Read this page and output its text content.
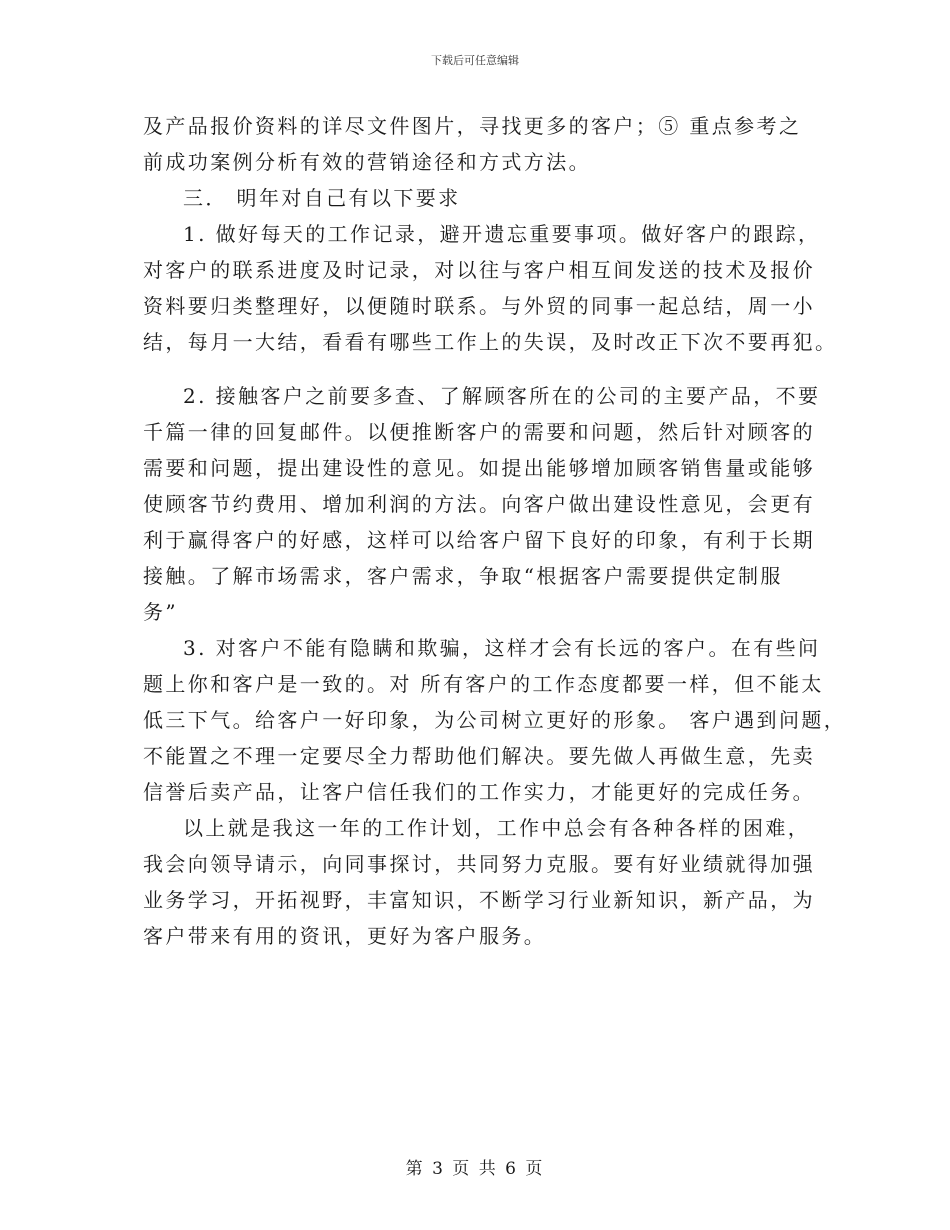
下载后可任意编辑
及产品报价资料的详尽文件图片，寻找更多的客户；⑤ 重点参考之
前成功案例分析有效的营销途径和方式方法。
三． 明年对自己有以下要求
1. 做好每天的工作记录，避开遗忘重要事项。做好客户的跟踪，
对客户的联系进度及时记录，对以往与客户相互间发送的技术及报价
资料要归类整理好，以便随时联系。与外贸的同事一起总结，周一小
结，每月一大结，看看有哪些工作上的失误，及时改正下次不要再犯。
2. 接触客户之前要多查、了解顾客所在的公司的主要产品，不要
千篇一律的回复邮件。以便推断客户的需要和问题，然后针对顾客的
需要和问题，提出建设性的意见。如提出能够增加顾客销售量或能够
使顾客节约费用、增加利润的方法。向客户做出建设性意见，会更有
利于赢得客户的好感，这样可以给客户留下良好的印象，有利于长期
接触。了解市场需求，客户需求，争取“根据客户需要提供定制服
务”
3. 对客户不能有隐瞒和欺骗，这样才会有长远的客户。在有些问
题上你和客户是一致的。对 所有客户的工作态度都要一样，但不能太
低三下气。给客户一好印象，为公司树立更好的形象。 客户遇到问题，
不能置之不理一定要尽全力帮助他们解决。要先做人再做生意，先卖
信誉后卖产品，让客户信任我们的工作实力，才能更好的完成任务。
以上就是我这一年的工作计划，工作中总会有各种各样的困难，
我会向领导请示，向同事探讨，共同努力克服。要有好业绩就得加强
业务学习，开拓视野，丰富知识，不断学习行业新知识，新产品，为
客户带来有用的资讯，更好为客户服务。
第 3 页 共 6 页
